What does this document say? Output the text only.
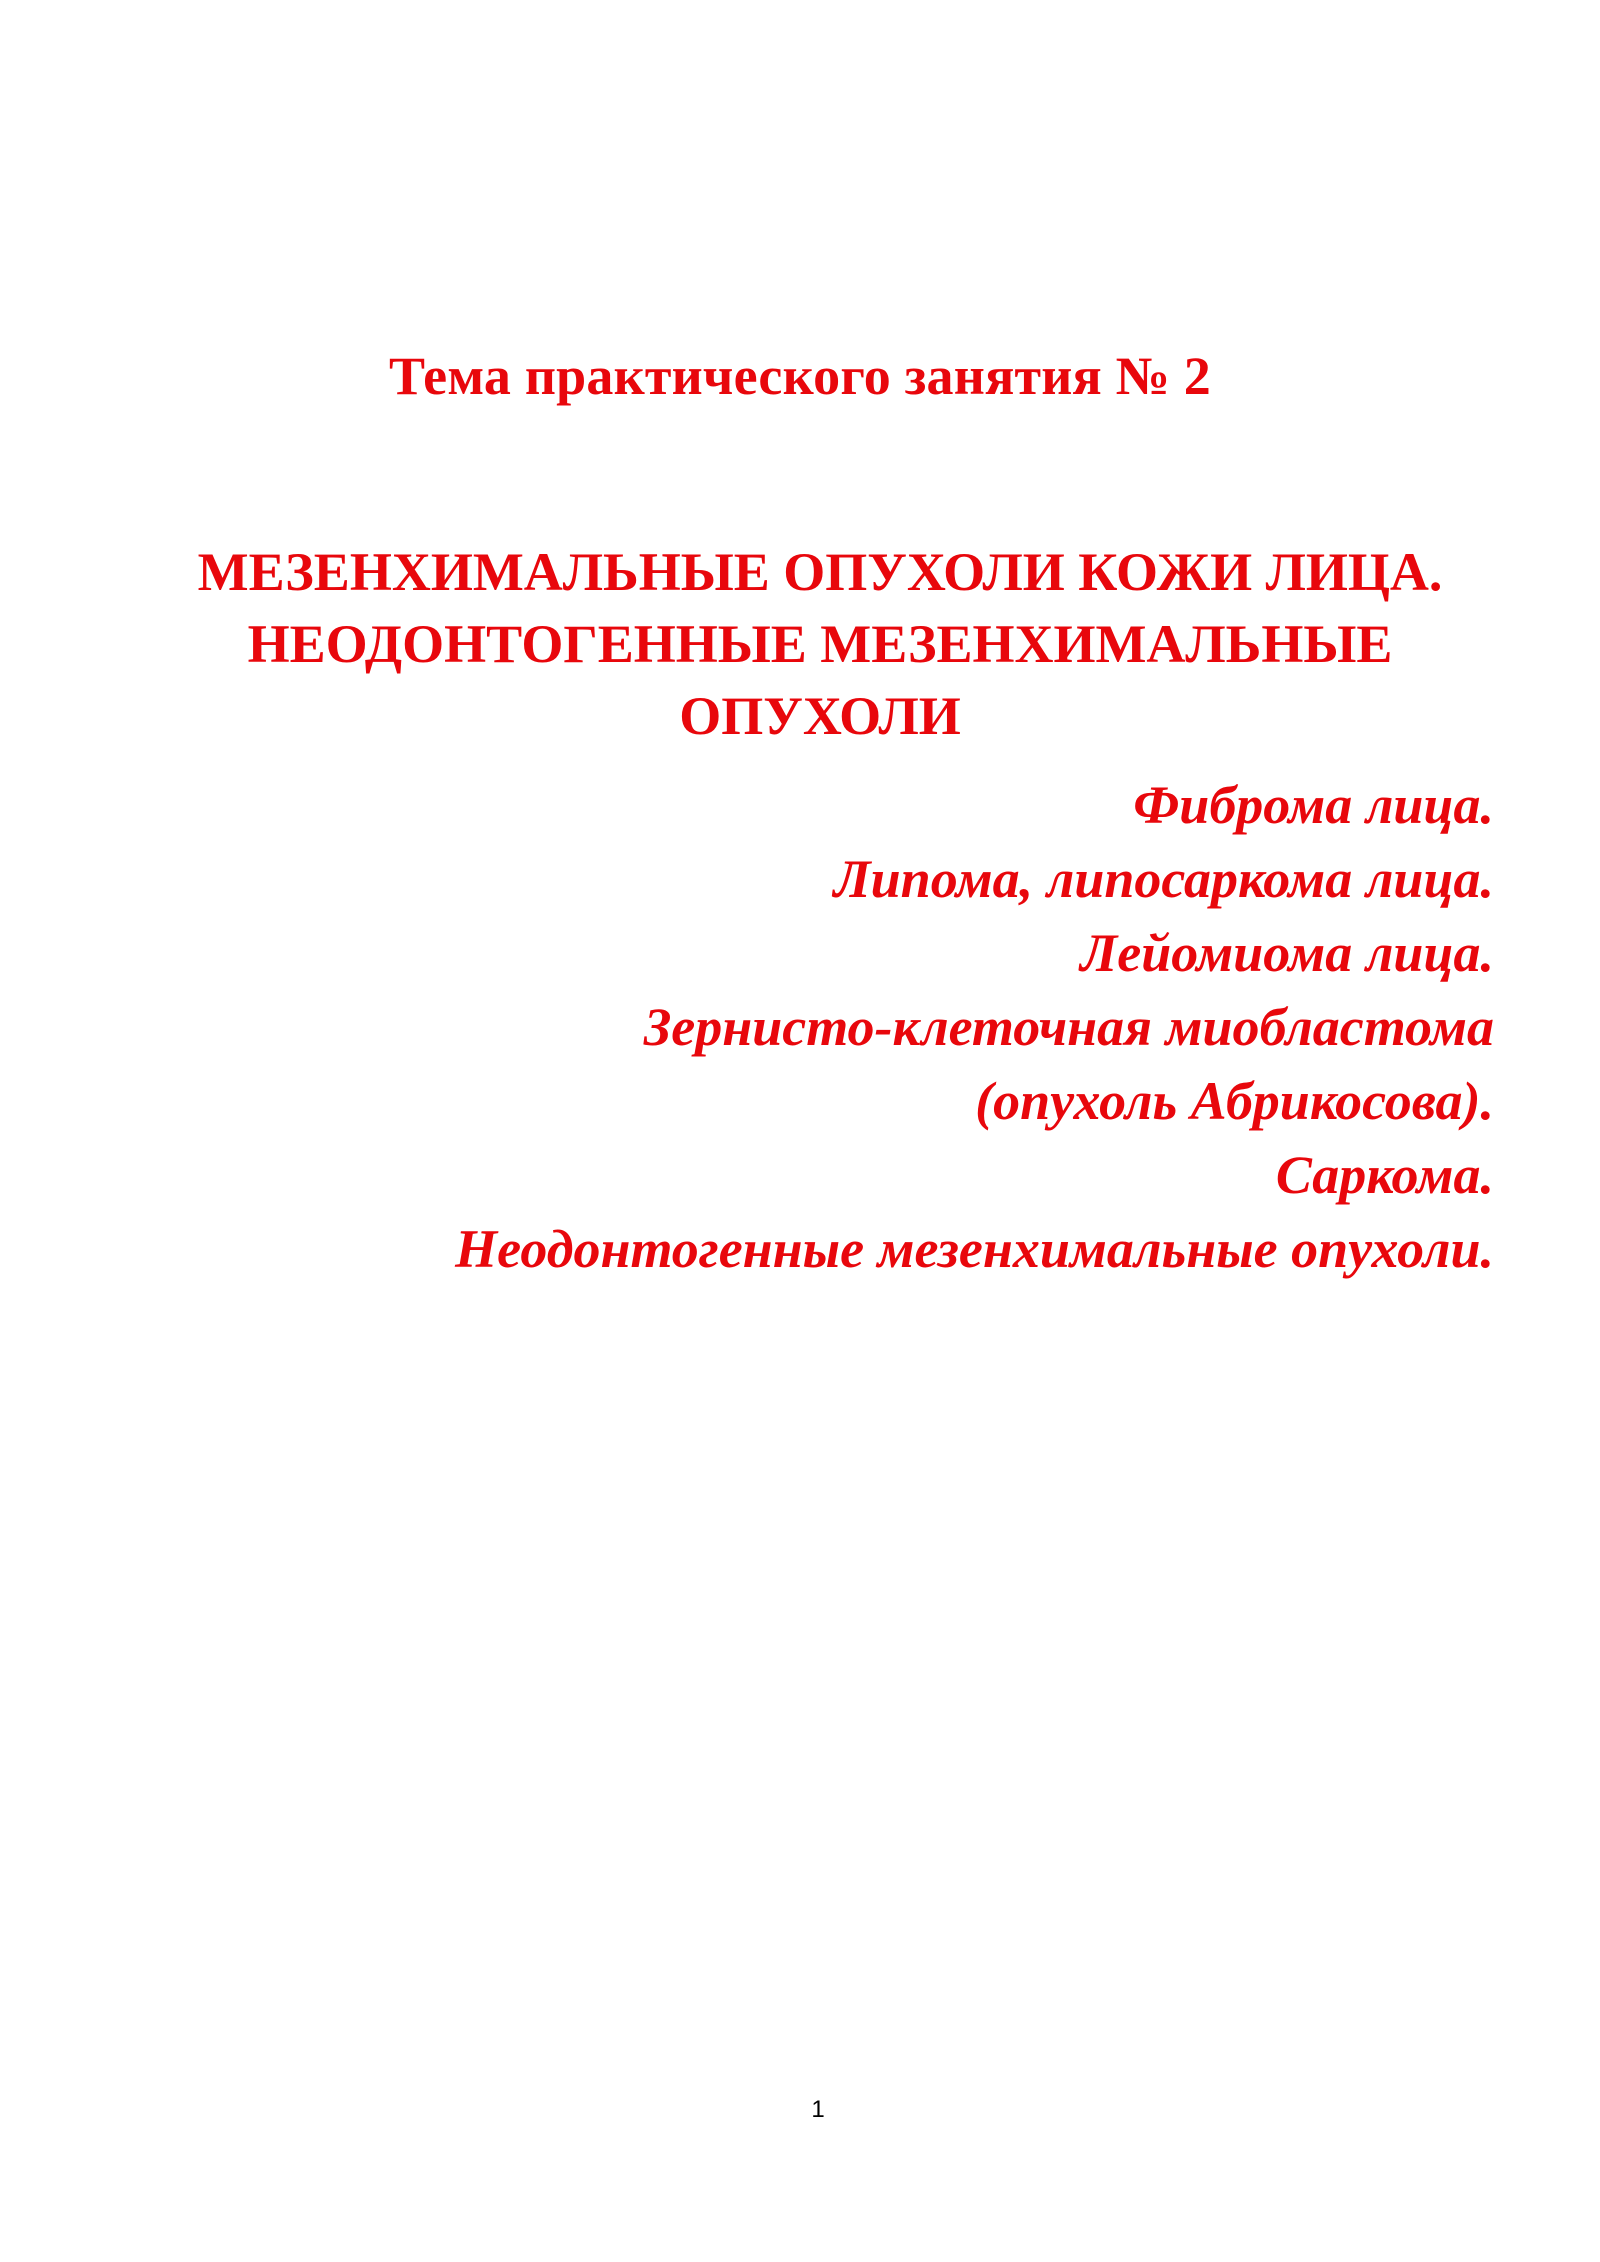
Тема практического занятия № 2
МЕЗЕНХИМАЛЬНЫЕ ОПУХОЛИ КОЖИ ЛИЦА.
НЕОДОНТОГЕННЫЕ МЕЗЕНХИМАЛЬНЫЕ
ОПУХОЛИ
Фиброма лица.
Липома, липосаркома лица.
Лейомиома лица.
Зернисто-клеточная миобластома
(опухоль Абрикосова).
Саркома.
Неодонтогенные мезенхимальные опухоли.
1
